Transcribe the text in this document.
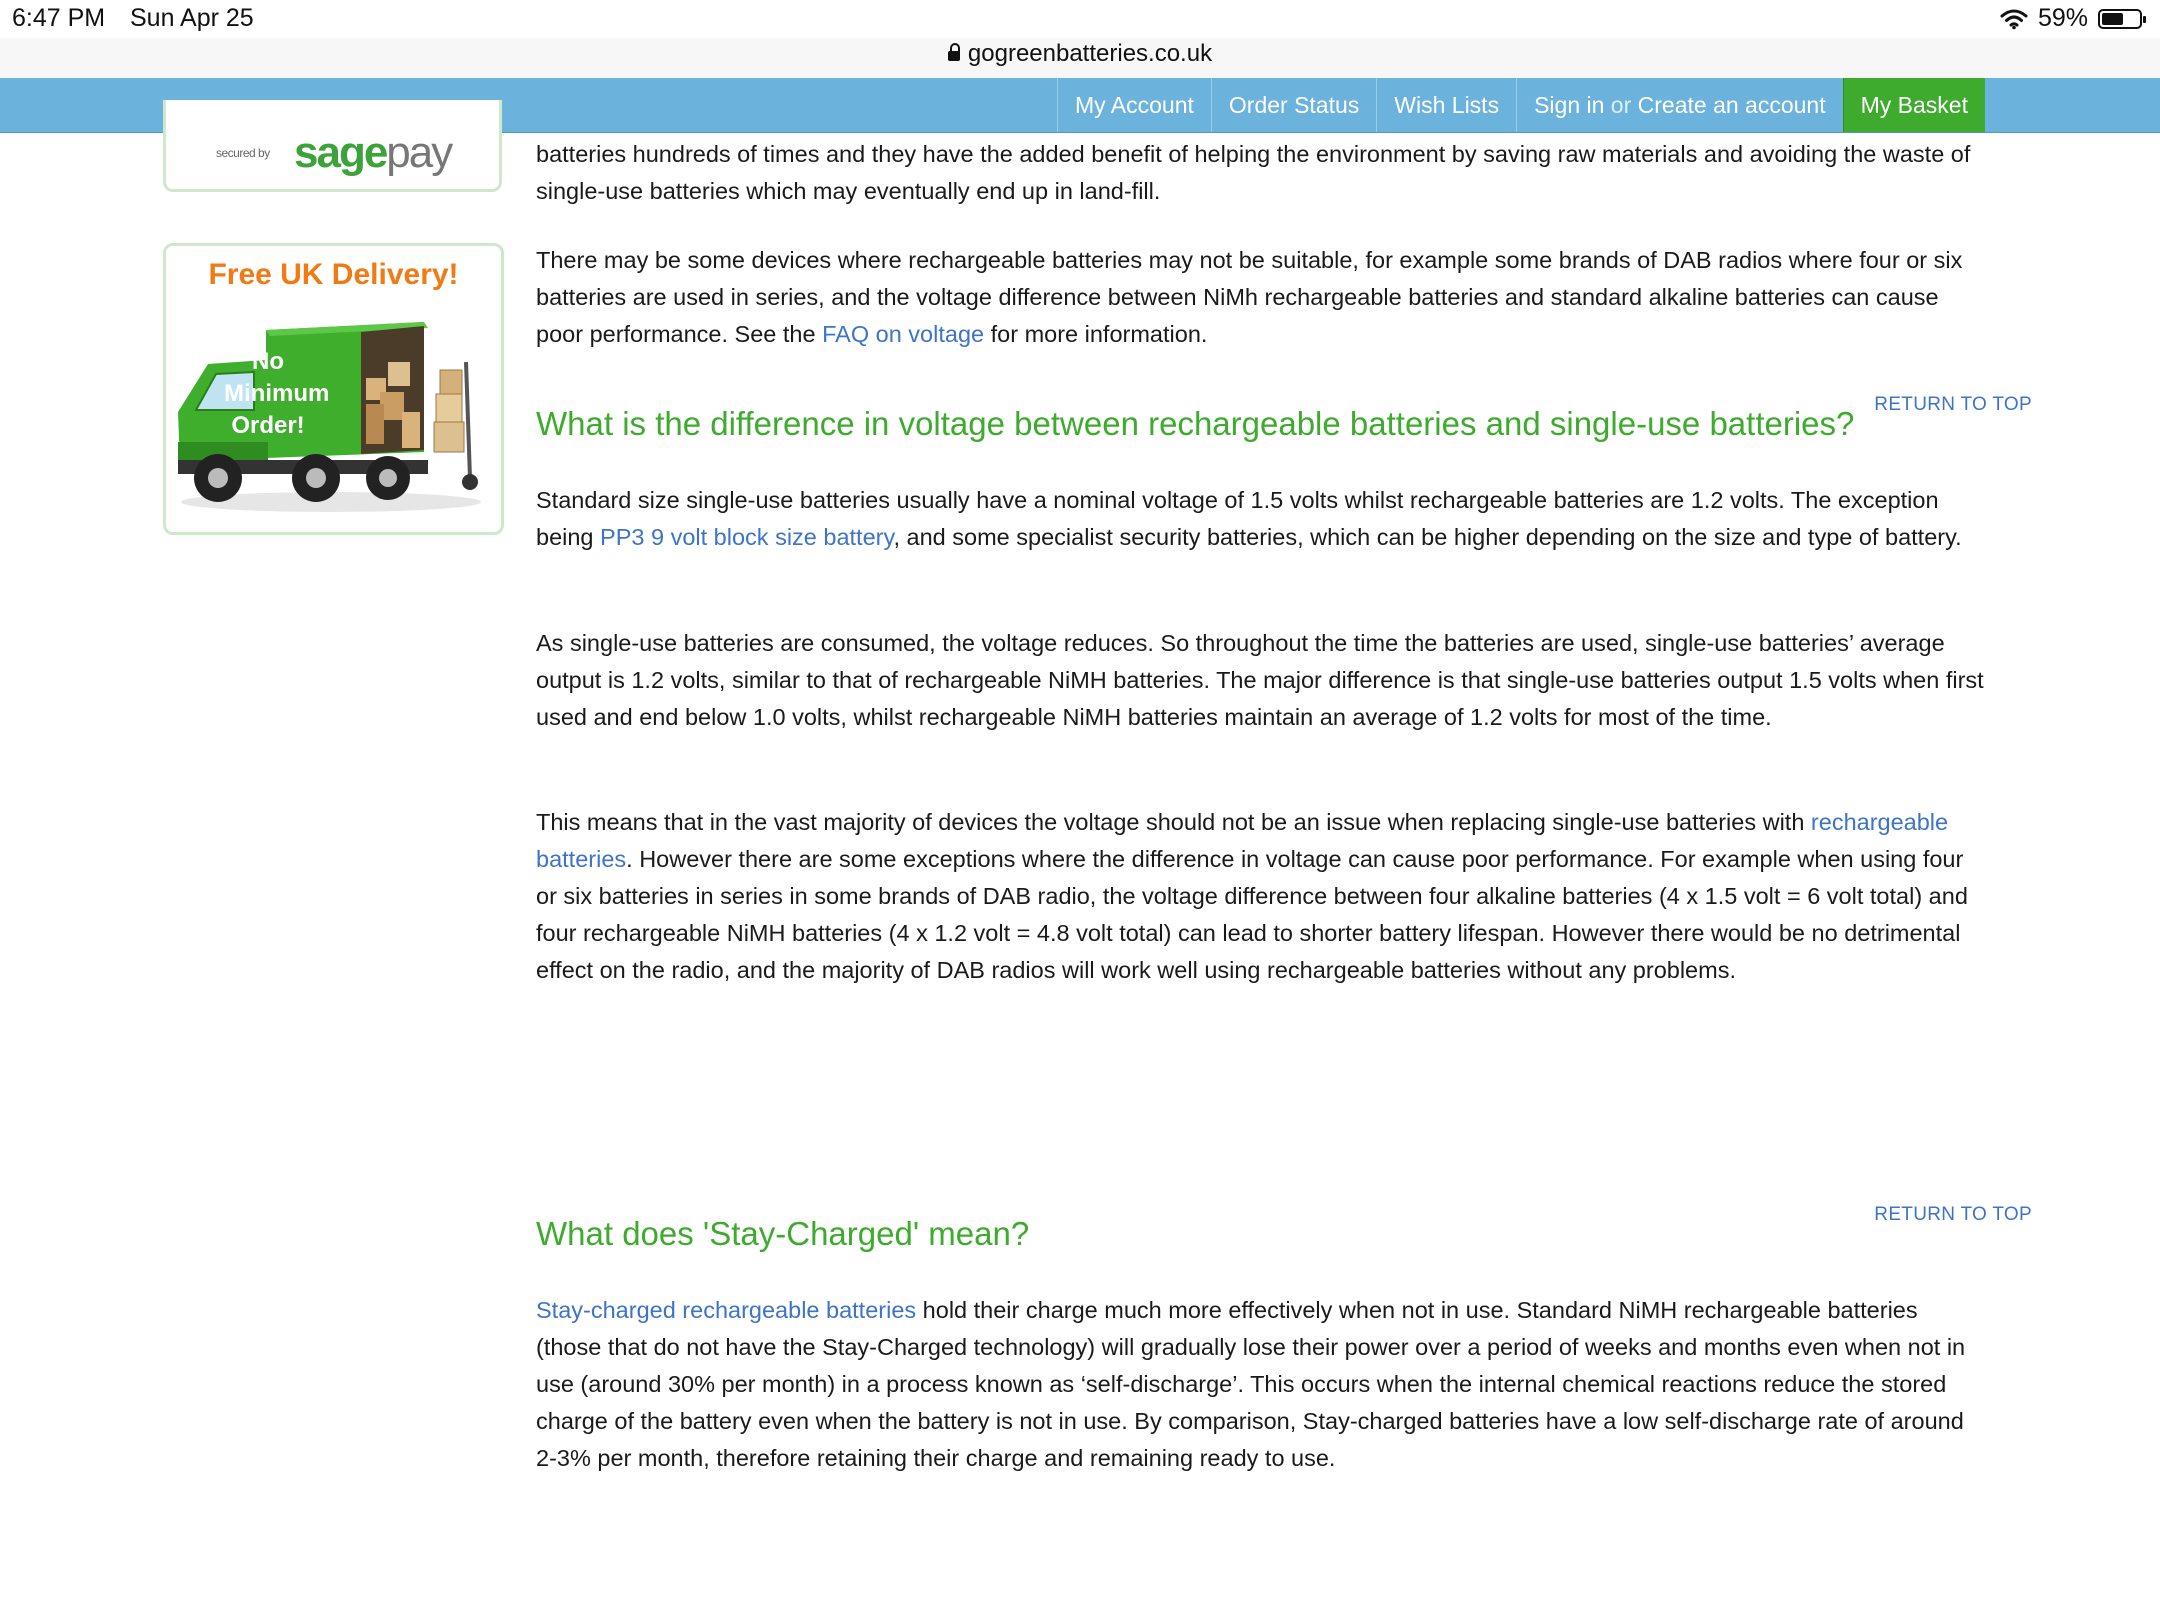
6:47 PM Sun Apr 25	59%
gogreenbatteries.co.uk
My Account	Order Status	Wish Lists	Sign in or Create an account	My Basket
secured by sagepay
Free UK Delivery!
No
Minimum
Order!

batteries hundreds of times and they have the added benefit of helping the environment by saving raw materials and avoiding the waste of single-use batteries which may eventually end up in land-fill.

There may be some devices where rechargeable batteries may not be suitable, for example some brands of DAB radios where four or six batteries are used in series, and the voltage difference between NiMh rechargeable batteries and standard alkaline batteries can cause poor performance. See the FAQ on voltage for more information.

RETURN TO TOP
What is the difference in voltage between rechargeable batteries and single-use batteries?

Standard size single-use batteries usually have a nominal voltage of 1.5 volts whilst rechargeable batteries are 1.2 volts. The exception being PP3 9 volt block size battery, and some specialist security batteries, which can be higher depending on the size and type of battery.

As single-use batteries are consumed, the voltage reduces. So throughout the time the batteries are used, single-use batteries’ average output is 1.2 volts, similar to that of rechargeable NiMH batteries. The major difference is that single-use batteries output 1.5 volts when first used and end below 1.0 volts, whilst rechargeable NiMH batteries maintain an average of 1.2 volts for most of the time.

This means that in the vast majority of devices the voltage should not be an issue when replacing single-use batteries with rechargeable batteries. However there are some exceptions where the difference in voltage can cause poor performance. For example when using four or six batteries in series in some brands of DAB radio, the voltage difference between four alkaline batteries (4 x 1.5 volt = 6 volt total) and four rechargeable NiMH batteries (4 x 1.2 volt = 4.8 volt total) can lead to shorter battery lifespan. However there would be no detrimental effect on the radio, and the majority of DAB radios will work well using rechargeable batteries without any problems.

RETURN TO TOP
What does 'Stay-Charged' mean?

Stay-charged rechargeable batteries hold their charge much more effectively when not in use. Standard NiMH rechargeable batteries (those that do not have the Stay-Charged technology) will gradually lose their power over a period of weeks and months even when not in use (around 30% per month) in a process known as ‘self-discharge’. This occurs when the internal chemical reactions reduce the stored charge of the battery even when the battery is not in use. By comparison, Stay-charged batteries have a low self-discharge rate of around 2-3% per month, therefore retaining their charge and remaining ready to use.
